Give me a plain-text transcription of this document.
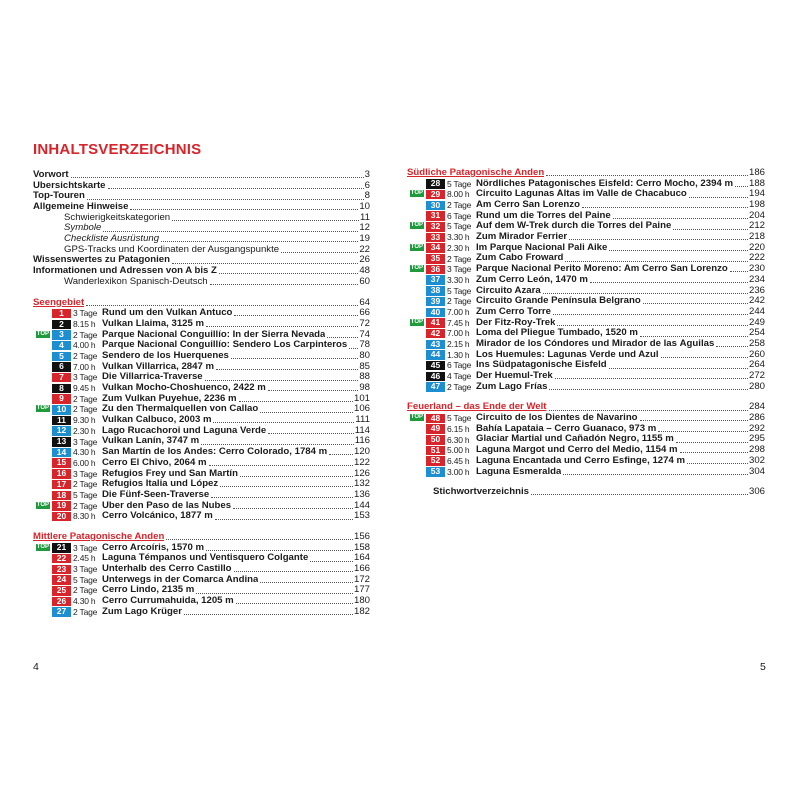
INHALTSVERZEICHNIS
Vorwort	3
Übersichtskarte	6
Top-Touren	8
Allgemeine Hinweise	10
Schwierigkeitskategorien	11
Symbole	12
Checkliste Ausrüstung	19
GPS-Tracks und Koordinaten der Ausgangspunkte	22
Wissenswertes zu Patagonien	26
Informationen und Adressen von A bis Z	48
Wanderlexikon Spanisch-Deutsch	60
Seengebiet	64
1	3 Tage Rund um den Vulkan Antuco	66
2	8.15 h Vulkan Llaima, 3125 m	72
TOP	3	2 Tage Parque Nacional Conguillío: In der Sierra Nevada	74
4	4.00 h Parque Nacional Conguillío: Sendero Los Carpinteros 78
5	2 Tage Sendero de los Huerquenes	80
6	7.00 h Vulkan Villarrica, 2847 m	85
7	3 Tage Die Villarrica-Traverse	88
8	9.45 h Vulkan Mocho-Choshuenco, 2422 m	98
9	2 Tage Zum Vulkan Puyehue, 2236 m	101
TOP 10 2 Tage Zu den Thermalquellen von Callao	106
11 9.30 h Vulkan Calbuco, 2003 m	111
12 2.30 h Lago Rucachoroi und Laguna Verde	114
13 3 Tage Vulkan Lanín, 3747 m	116
14 4.30 h San Martín de los Andes: Cerro Colorado, 1784 m	120
15 6.00 h Cerro El Chivo, 2064 m	122
16 3 Tage Refugios Frey und San Martín	126
17 2 Tage Refugios Italia und López	132
18 5 Tage Die Fünf-Seen-Traverse	136
TOP 19 2 Tage Über den Paso de las Nubes	144
20 8.30 h Cerro Volcánico, 1877 m	153
Mittlere Patagonische Anden	156
TOP 21 3 Tage Cerro Arcoíris, 1570 m	158
22 2.45 h Laguna Témpanos und Ventisquero Colgante	164
23 3 Tage Unterhalb des Cerro Castillo	166
24 5 Tage Unterwegs in der Comarca Andina	172
25 2 Tage Cerro Lindo, 2135 m	177
26 4.30 h Cerro Currumahuida, 1205 m	180
27 2 Tage Zum Lago Krüger	182
4
Südliche Patagonische Anden	186
28 5 Tage Nördliches Patagonisches Eisfeld: Cerro Mocho, 2394 m 188
TOP 29 8.00 h Circuito Lagunas Altas im Valle de Chacabuco	194
30 2 Tage Am Cerro San Lorenzo	198
31 6 Tage Rund um die Torres del Paine	204
TOP 32 5 Tage Auf dem W-Trek durch die Torres del Paine	212
33 3.30 h Zum Mirador Ferrier	218
TOP 34 2.30 h Im Parque Nacional Pali Aike	220
35 2 Tage Zum Cabo Froward	222
TOP 36 3 Tage Parque Nacional Perito Moreno: Am Cerro San Lorenzo 230
37 3.30 h Zum Cerro León, 1470 m	234
38 5 Tage Circuito Azara	236
39 2 Tage Circuito Grande Península Belgrano	242
40 7.00 h Zum Cerro Torre	244
TOP 41 7.45 h Der Fitz-Roy-Trek	249
42 7.00 h Loma del Pliegue Tumbado, 1520 m	254
43 2.15 h Mirador de los Cóndores und Mirador de las Águilas	258
44 1.30 h Los Huemules: Lagunas Verde und Azul	260
45 6 Tage Ins Südpatagonische Eisfeld	264
46 4 Tage Der Huemul-Trek	272
47 2 Tage Zum Lago Frías	280
Feuerland – das Ende der Welt	284
TOP 48 5 Tage Circuito de los Dientes de Navarino	286
49 6.15 h Bahía Lapataia – Cerro Guanaco, 973 m	292
50 6.30 h Glaciar Martial und Cañadón Negro, 1155 m	295
51 5.00 h Laguna Margot und Cerro del Medio, 1154 m	298
52 6.45 h Laguna Encantada und Cerro Esfinge, 1274 m	302
53 3.00 h Laguna Esmeralda	304
Stichwortverzeichnis	306
5
